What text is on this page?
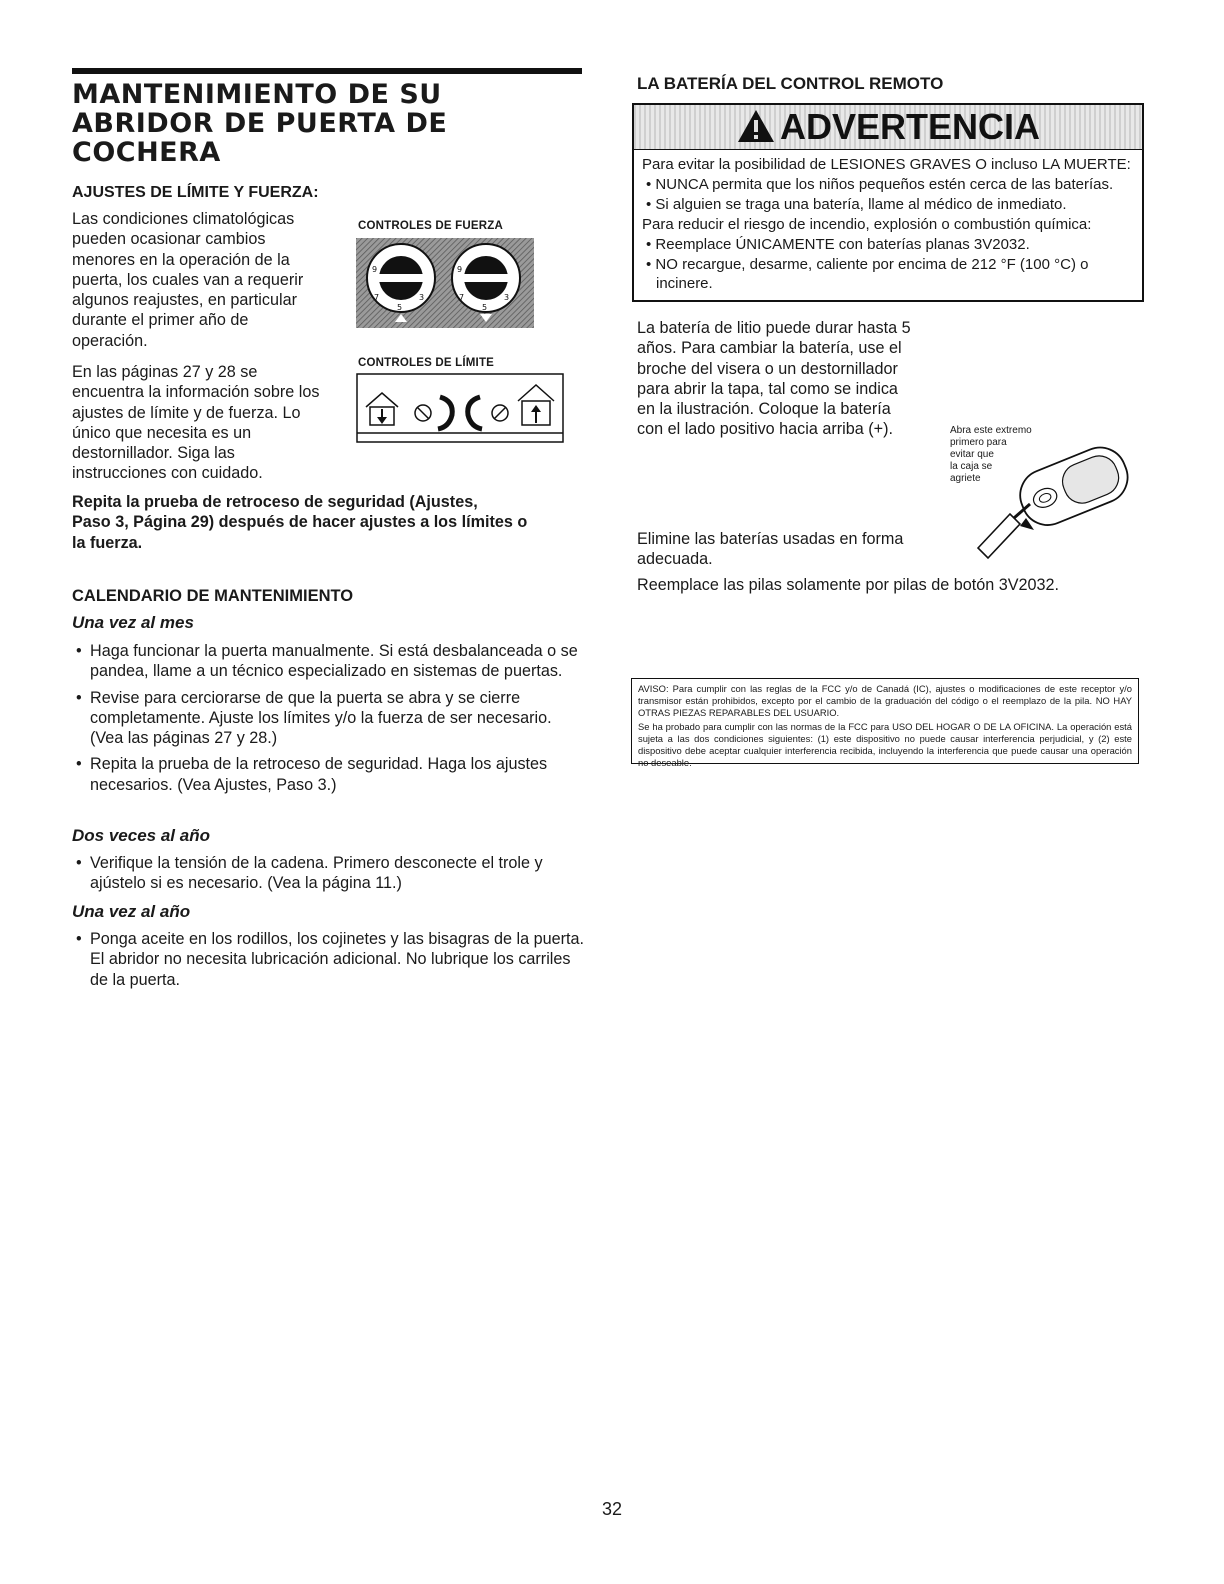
MANTENIMIENTO DE SU
ABRIDOR DE PUERTA DE
COCHERA
AJUSTES DE LÍMITE Y FUERZA:
Las condiciones climatológicas
pueden ocasionar cambios
menores en la operación de la
puerta, los cuales van a requerir
algunos reajustes, en particular
durante el primer año de
operación.
En las páginas 27 y 28 se
encuentra la información sobre los
ajustes de límite y de fuerza. Lo
único que necesita es un
destornillador. Siga las
instrucciones con cuidado.
CONTROLES DE FUERZA
9
7
5
3
9
7
5
3
CONTROLES DE LÍMITE
Repita la prueba de retroceso de seguridad (Ajustes,
Paso 3, Página 29) después de hacer ajustes a los límites o
la fuerza.
CALENDARIO DE MANTENIMIENTO
Una vez al mes
• Haga funcionar la puerta manualmente. Si está desbalanceada o se pandea, llame a un técnico especializado en sistemas de puertas.
• Revise para cerciorarse de que la puerta se abra y se cierre completamente. Ajuste los límites y/o la fuerza de ser necesario. (Vea las páginas 27 y 28.)
• Repita la prueba de la retroceso de seguridad. Haga los ajustes necesarios. (Vea Ajustes, Paso 3.)
Dos veces al año
• Verifique la tensión de la cadena. Primero desconecte el trole y ajústelo si es necesario. (Vea la página 11.)
Una vez al año
• Ponga aceite en los rodillos, los cojinetes y las bisagras de la puerta. El abridor no necesita lubricación adicional. No lubrique los carriles de la puerta.
LA BATERÍA DEL CONTROL REMOTO
ADVERTENCIA

Para evitar la posibilidad de LESIONES GRAVES O incluso LA MUERTE:

• NUNCA permita que los niños pequeños estén cerca de las baterías.

• Si alguien se traga una batería, llame al médico de inmediato.

Para reducir el riesgo de incendio, explosión o combustión química:

• Reemplace ÚNICAMENTE con baterías planas 3V2032.

• NO recargue, desarme, caliente por encima de 212 °F (100 °C) o incinere.

La batería de litio puede durar hasta 5
años. Para cambiar la batería, use el
broche del visera o un destornillador
para abrir la tapa, tal como se indica
en la ilustración. Coloque la batería
con el lado positivo hacia arriba (+).
Elimine las baterías usadas en forma
adecuada.
Reemplace las pilas solamente por pilas de botón 3V2032.
Abra este extremo
primero para
evitar que
la caja se
agriete

AVISO: Para cumplir con las reglas de la FCC y/o de Canadá (IC), ajustes o modificaciones de este receptor y/o transmisor están prohibidos, excepto por el cambio de la graduación del código o el reemplazo de la pila. NO HAY OTRAS PIEZAS REPARABLES DEL USUARIO.

Se ha probado para cumplir con las normas de la FCC para USO DEL HOGAR O DE LA OFICINA. La operación está sujeta a las dos condiciones siguientes: (1) este dispositivo no puede causar interferencia perjudicial, y (2) este dispositivo debe aceptar cualquier interferencia recibida, incluyendo la interferencia que puede causar una operación no deseable.

32
